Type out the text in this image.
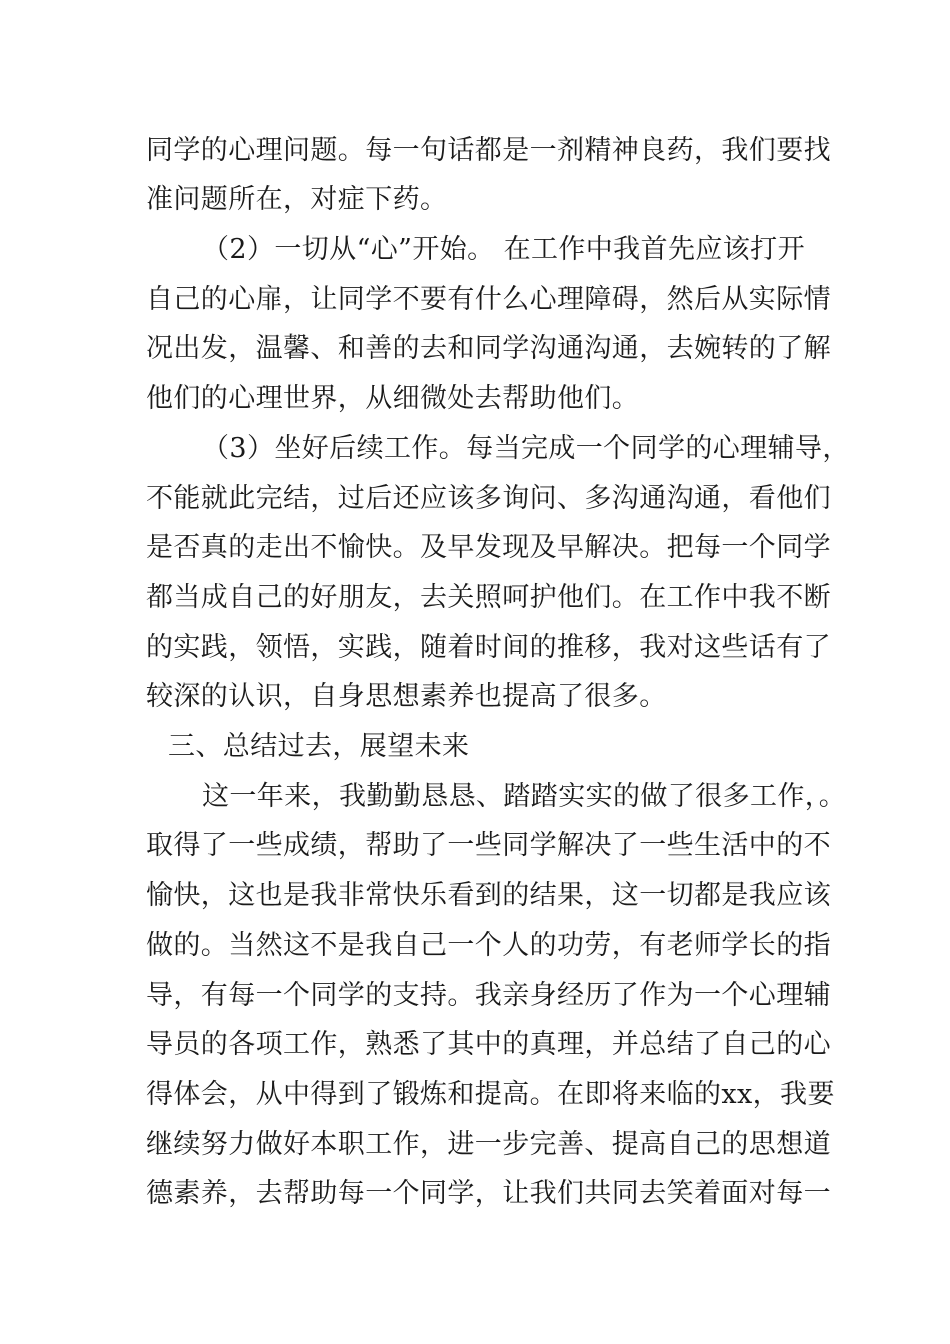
同学的心理问题。每一句话都是一剂精神良药，我们要找
准问题所在，对症下药。
（2）一切从“心”开始。 在工作中我首先应该打开
自己的心扉，让同学不要有什么心理障碍，然后从实际情
况出发，温馨、和善的去和同学沟通沟通，去婉转的了解
他们的心理世界，从细微处去帮助他们。
（3）坐好后续工作。每当完成一个同学的心理辅导，
不能就此完结，过后还应该多询问、多沟通沟通，看他们
是否真的走出不愉快。及早发现及早解决。把每一个同学
都当成自己的好朋友，去关照呵护他们。在工作中我不断
的实践，领悟，实践，随着时间的推移，我对这些话有了
较深的认识，自身思想素养也提高了很多。
三、总结过去，展望未来
这一年来，我勤勤恳恳、踏踏实实的做了很多工作，。
取得了一些成绩，帮助了一些同学解决了一些生活中的不
愉快，这也是我非常快乐看到的结果，这一切都是我应该
做的。当然这不是我自己一个人的功劳，有老师学长的指
导，有每一个同学的支持。我亲身经历了作为一个心理辅
导员的各项工作，熟悉了其中的真理，并总结了自己的心
得体会，从中得到了锻炼和提高。在即将来临的xx，我要
继续努力做好本职工作，进一步完善、提高自己的思想道
德素养，去帮助每一个同学，让我们共同去笑着面对每一
